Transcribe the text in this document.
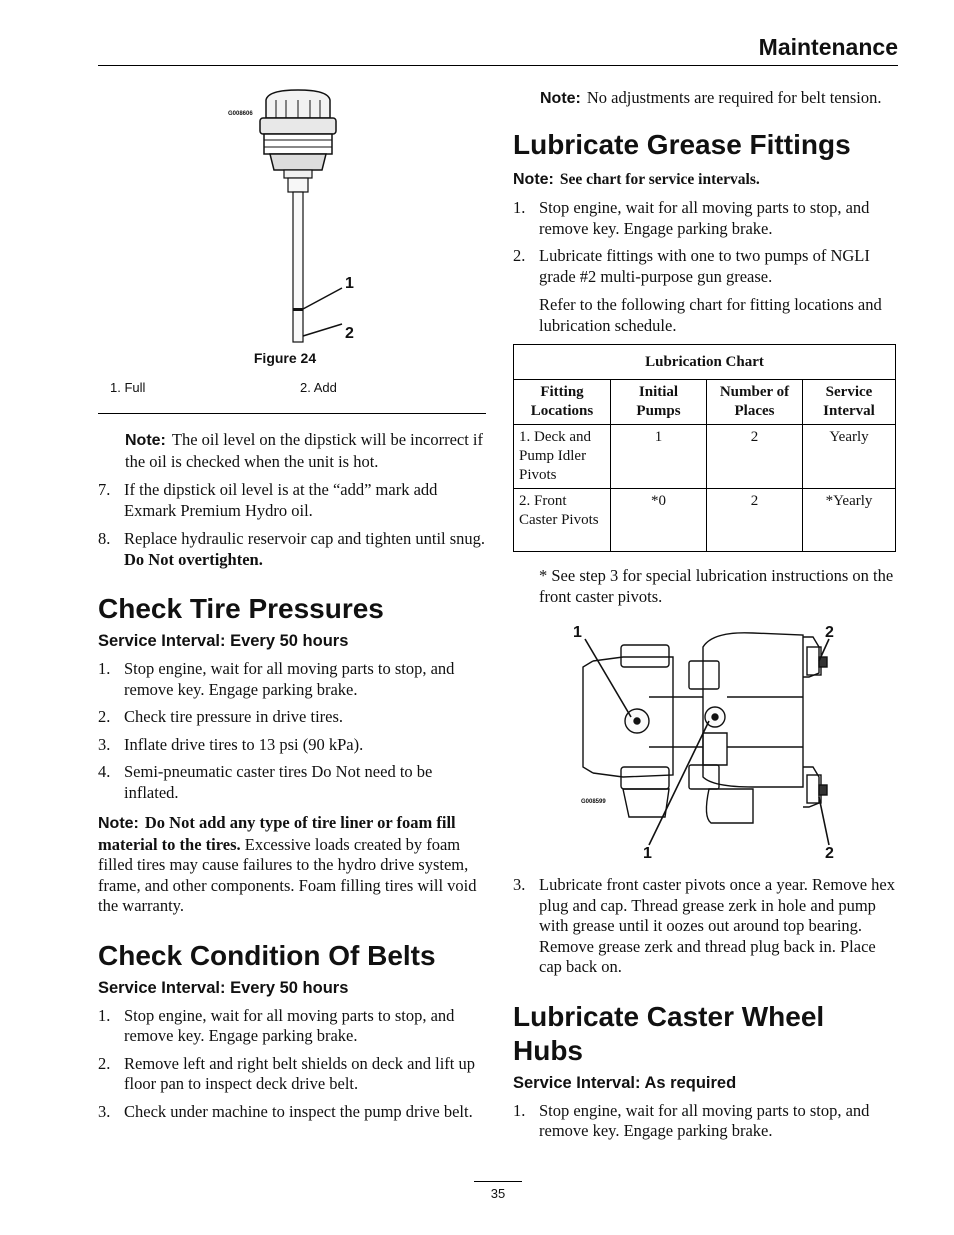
Maintenance
G008606
1
2
Figure 24
1. Full	2. Add

Note: The oil level on the dipstick will be incorrect if the oil is checked when the unit is hot.

7. If the dipstick oil level is at the “add” mark add Exmark Premium Hydro oil.
8. Replace hydraulic reservoir cap and tighten until snug. Do Not overtighten.
Check Tire Pressures
Service Interval: Every 50 hours
1. Stop engine, wait for all moving parts to stop, and remove key. Engage parking brake.
2. Check tire pressure in drive tires.
3. Inflate drive tires to 13 psi (90 kPa).
4. Semi-pneumatic caster tires Do Not need to be inflated.

Note: Do Not add any type of tire liner or foam fill material to the tires. Excessive loads created by foam filled tires may cause failures to the hydro drive system, frame, and other components. Foam filling tires will void the warranty.

Check Condition Of Belts
Service Interval: Every 50 hours
1. Stop engine, wait for all moving parts to stop, and remove key. Engage parking brake.
2. Remove left and right belt shields on deck and lift up floor pan to inspect deck drive belt.
3. Check under machine to inspect the pump drive belt.

Note: No adjustments are required for belt tension.

Lubricate Grease Fittings

Note: See chart for service intervals.

1. Stop engine, wait for all moving parts to stop, and remove key. Engage parking brake.
2. Lubricate fittings with one to two pumps of NGLI grade #2 multi-purpose gun grease.

Refer to the following chart for fitting locations and lubrication schedule.

Lubrication Chart			
Fitting Locations	Initial Pumps	Number of Places	Service Interval
1. Deck and Pump Idler Pivots	1	2	Yearly
2. Front Caster Pivots	*0	2	*Yearly

* See step 3 for special lubrication instructions on the front caster pivots.

G008599
1	2
1	2
3. Lubricate front caster pivots once a year. Remove hex plug and cap. Thread grease zerk in hole and pump with grease until it oozes out around top bearing. Remove grease zerk and thread plug back in. Place cap back on.
Lubricate Caster Wheel Hubs
Service Interval: As required
1. Stop engine, wait for all moving parts to stop, and remove key. Engage parking brake.
35
